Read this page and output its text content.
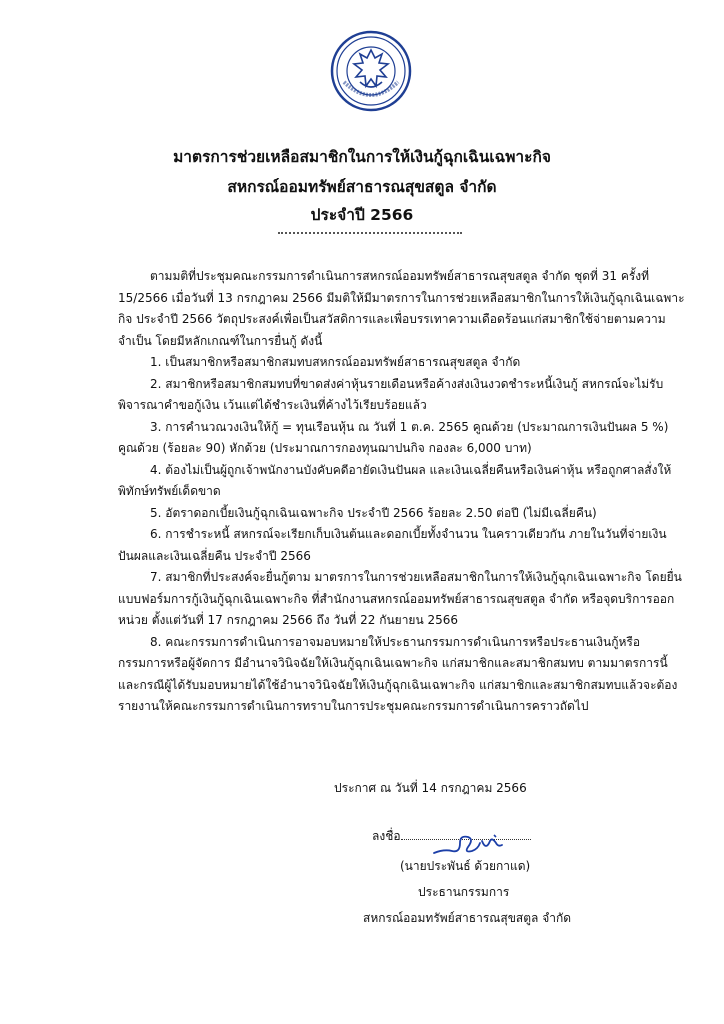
มาตรการช่วยเหลือสมาชิกในการให้เงินกู้ฉุกเฉินเฉพาะกิจ
สหกรณ์ออมทรัพย์สาธารณสุขสตูล จำกัด
ประจำปี 2566
ตามมติที่ประชุมคณะกรรมการดำเนินการสหกรณ์ออมทรัพย์สาธารณสุขสตูล จำกัด ชุดที่ 31 ครั้งที่
15/2566 เมื่อวันที่ 13 กรกฎาคม 2566 มีมติให้มีมาตรการในการช่วยเหลือสมาชิกในการให้เงินกู้ฉุกเฉินเฉพาะ
กิจ ประจำปี 2566 วัตถุประสงค์เพื่อเป็นสวัสดิการและเพื่อบรรเทาความเดือดร้อนแก่สมาชิกใช้จ่ายตามความ
จำเป็น โดยมีหลักเกณฑ์ในการยื่นกู้ ดังนี้
1. เป็นสมาชิกหรือสมาชิกสมทบสหกรณ์ออมทรัพย์สาธารณสุขสตูล จำกัด
2. สมาชิกหรือสมาชิกสมทบที่ขาดส่งค่าหุ้นรายเดือนหรือค้างส่งเงินงวดชำระหนี้เงินกู้ สหกรณ์จะไม่รับ
พิจารณาคำขอกู้เงิน เว้นแต่ได้ชำระเงินที่ค้างไว้เรียบร้อยแล้ว
3. การคำนวณวงเงินให้กู้ = ทุนเรือนหุ้น ณ วันที่ 1 ต.ค. 2565 คูณด้วย (ประมาณการเงินปันผล 5 %)
คูณด้วย (ร้อยละ 90) หักด้วย (ประมาณการกองทุนฌาปนกิจ กองละ 6,000 บาท)
4. ต้องไม่เป็นผู้ถูกเจ้าพนักงานบังคับคดีอายัดเงินปันผล และเงินเฉลี่ยคืนหรือเงินค่าหุ้น หรือถูกศาลสั่งให้
พิทักษ์ทรัพย์เด็ดขาด
5. อัตราดอกเบี้ยเงินกู้ฉุกเฉินเฉพาะกิจ ประจำปี 2566 ร้อยละ 2.50 ต่อปี (ไม่มีเฉลี่ยคืน)
6. การชำระหนี้ สหกรณ์จะเรียกเก็บเงินต้นและดอกเบี้ยทั้งจำนวน ในคราวเดียวกัน ภายในวันที่จ่ายเงิน
ปันผลและเงินเฉลี่ยคืน ประจำปี 2566
7. สมาชิกที่ประสงค์จะยื่นกู้ตาม มาตรการในการช่วยเหลือสมาชิกในการให้เงินกู้ฉุกเฉินเฉพาะกิจ โดยยื่น
แบบฟอร์มการกู้เงินกู้ฉุกเฉินเฉพาะกิจ ที่สำนักงานสหกรณ์ออมทรัพย์สาธารณสุขสตูล จำกัด หรือจุดบริการออก
หน่วย ตั้งแต่วันที่ 17 กรกฎาคม 2566 ถึง วันที่ 22 กันยายน 2566
8. คณะกรรมการดำเนินการอาจมอบหมายให้ประธานกรรมการดำเนินการหรือประธานเงินกู้หรือ
กรรมการหรือผู้จัดการ มีอำนาจวินิจฉัยให้เงินกู้ฉุกเฉินเฉพาะกิจ แก่สมาชิกและสมาชิกสมทบ ตามมาตรการนี้
และกรณีผู้ได้รับมอบหมายได้ใช้อำนาจวินิจฉัยให้เงินกู้ฉุกเฉินเฉพาะกิจ แก่สมาชิกและสมาชิกสมทบแล้วจะต้อง
รายงานให้คณะกรรมการดำเนินการทราบในการประชุมคณะกรรมการดำเนินการคราวถัดไป
ประกาศ ณ วันที่ 14 กรกฎาคม 2566
ลงชื่อ
(นายประพันธ์ ด้วยกาแด)
ประธานกรรมการ
สหกรณ์ออมทรัพย์สาธารณสุขสตูล จำกัด
